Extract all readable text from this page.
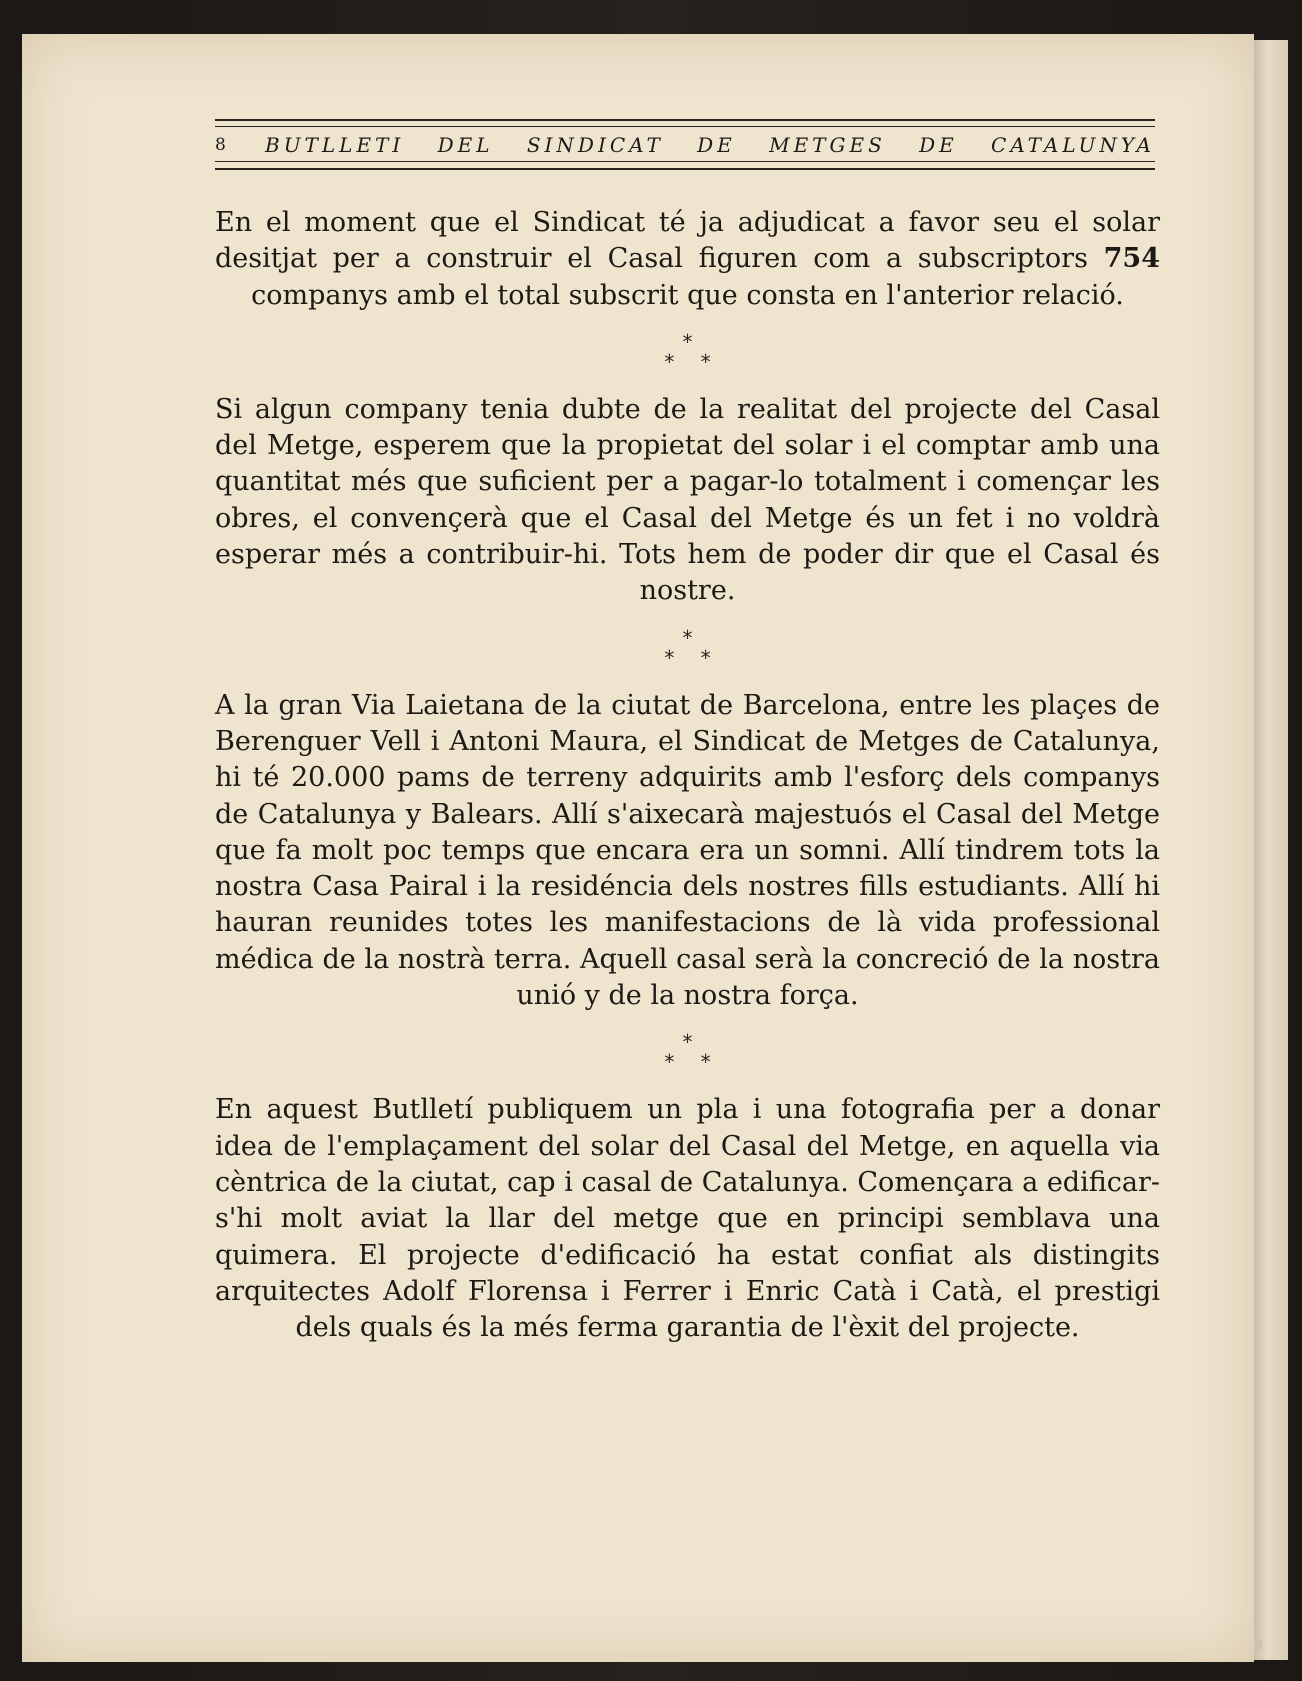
8	BUTLLETI DEL SINDICAT DE METGES DE CATALUNYA

En el moment que el Sindicat té ja adjudicat a favor seu el solar desitjat per a construir el Casal figuren com a subscriptors 754 companys amb el total subscrit que consta en l'anterior relació.

*
* *

Si algun company tenia dubte de la realitat del projecte del Casal del Metge, esperem que la propietat del solar i el comptar amb una quantitat més que suficient per a pagar-lo totalment i començar les obres, el convençerà que el Casal del Metge és un fet i no voldrà esperar més a contribuir-hi. Tots hem de poder dir que el Casal és nostre.

*
* *

A la gran Via Laietana de la ciutat de Barcelona, entre les plaçes de Berenguer Vell i Antoni Maura, el Sindicat de Metges de Catalunya, hi té 20.000 pams de terreny adquirits amb l'esforç dels companys de Catalunya y Balears. Allí s'aixecarà majestuós el Casal del Metge que fa molt poc temps que encara era un somni. Allí tindrem tots la nostra Casa Pairal i la residéncia dels nostres fills estudiants. Allí hi hauran reunides totes les manifestacions de là vida professional médica de la nostrà terra. Aquell casal serà la concreció de la nostra unió y de la nostra força.

*
* *

En aquest Butlletí publiquem un pla i una fotografia per a donar idea de l'emplaçament del solar del Casal del Metge, en aquella via cèntrica de la ciutat, cap i casal de Catalunya. Començara a edificar-s'hi molt aviat la llar del metge que en principi semblava una quimera. El projecte d'edificació ha estat confiat als distingits arquitectes Adolf Florensa i Ferrer i Enric Catà i Catà, el prestigi dels quals és la més ferma garantia de l'èxit del projecte.
